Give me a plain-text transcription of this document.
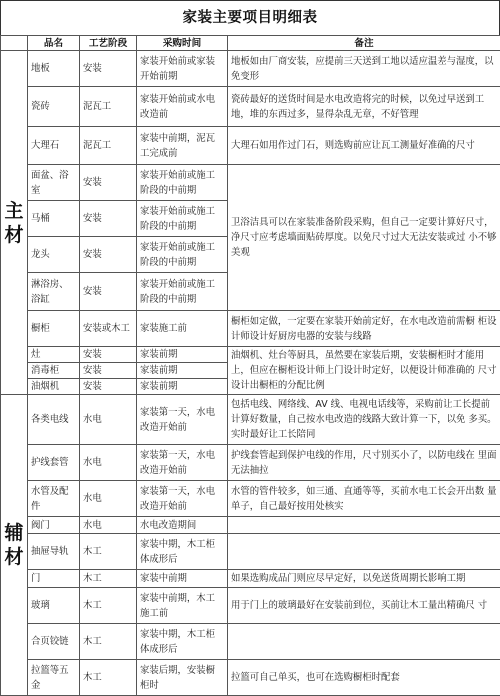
家装主要项目明细表
	品名	工艺阶段	采购时间	备注

主
材	地板	安装	家装开始前或家装开始前期	地板如由厂商安装，应提前三天送到工地以适应温差与湿度，以免变形
	瓷砖	泥瓦工	家装开始前或水电改造前	瓷砖最好的送货时间是水电改造将完的时候，以免过早送到工地，堆的东西过多，显得杂乱无章，不好管理
	大理石	泥瓦工	家装中前期，泥瓦工完成前	大理石如用作过门石，则选购前应让瓦工测量好准确的尺寸
	面盆、浴室	安装	家装开始前或施工阶段的中前期	卫浴洁具可以在家装准备阶段采购，但自己一定要计算好尺寸，净尺寸应考虑墙面贴砖厚度。以免尺寸过大无法安装或过 小不够美观
	马桶	安装	家装开始前或施工阶段的中前期	
	龙头	安装	家装开始前或施工阶段的中前期	
	淋浴房、浴缸	安装	家装开始前或施工阶段的中前期	
	橱柜	安装或木工	家装施工前	橱柜如定做，一定要在家装开始前定好，在水电改造前需橱 柜设计师设计好厨房电器的安装与线路
	灶	安装	家装前期	油烟机、灶台等厨具，虽然要在家装后期，安装橱柜时才能用上，但应在橱柜设计师上门设计时定好，以便设计师准确的 尺寸设计出橱柜的分配比例
	消毒柜	安装	家装前期	
	油烟机	安装	家装前期	

辅
材	各类电线	水电	家装第一天，水电改造开始前	包括电线、网络线、AV 线、电视电话线等，采购前让工长提前计算好数量，自己按水电改造的线路大致计算一下，以免 多买。实时最好让工长陪同
	护线套管	水电	家装第一天，水电改造开始前	护线套管起到保护电线的作用，尺寸别买小了，以防电线在 里面无法抽拉
	水管及配件	水电	家装第一天，水电改造开始前	水管的管件较多，如三通、直通等等，买前水电工长会开出数 量单子，自己最好按用处核实
	阀门	水电	水电改造期间	
	抽屉导轨	木工	家装中期，木工柜体成形后	
	门	木工	家装中前期	如果选购成品门则应尽早定好，以免送货周期长影响工期
	玻璃	木工	家装中前期，木工施工前	用于门上的玻璃最好在安装前到位，买前让木工量出精确尺 寸
	合页铰链	木工	家装中期，木工柜体成形后	
	拉篮等五金	木工	家装后期，安装橱柜时	拉篮可自己单买，也可在选购橱柜时配套
